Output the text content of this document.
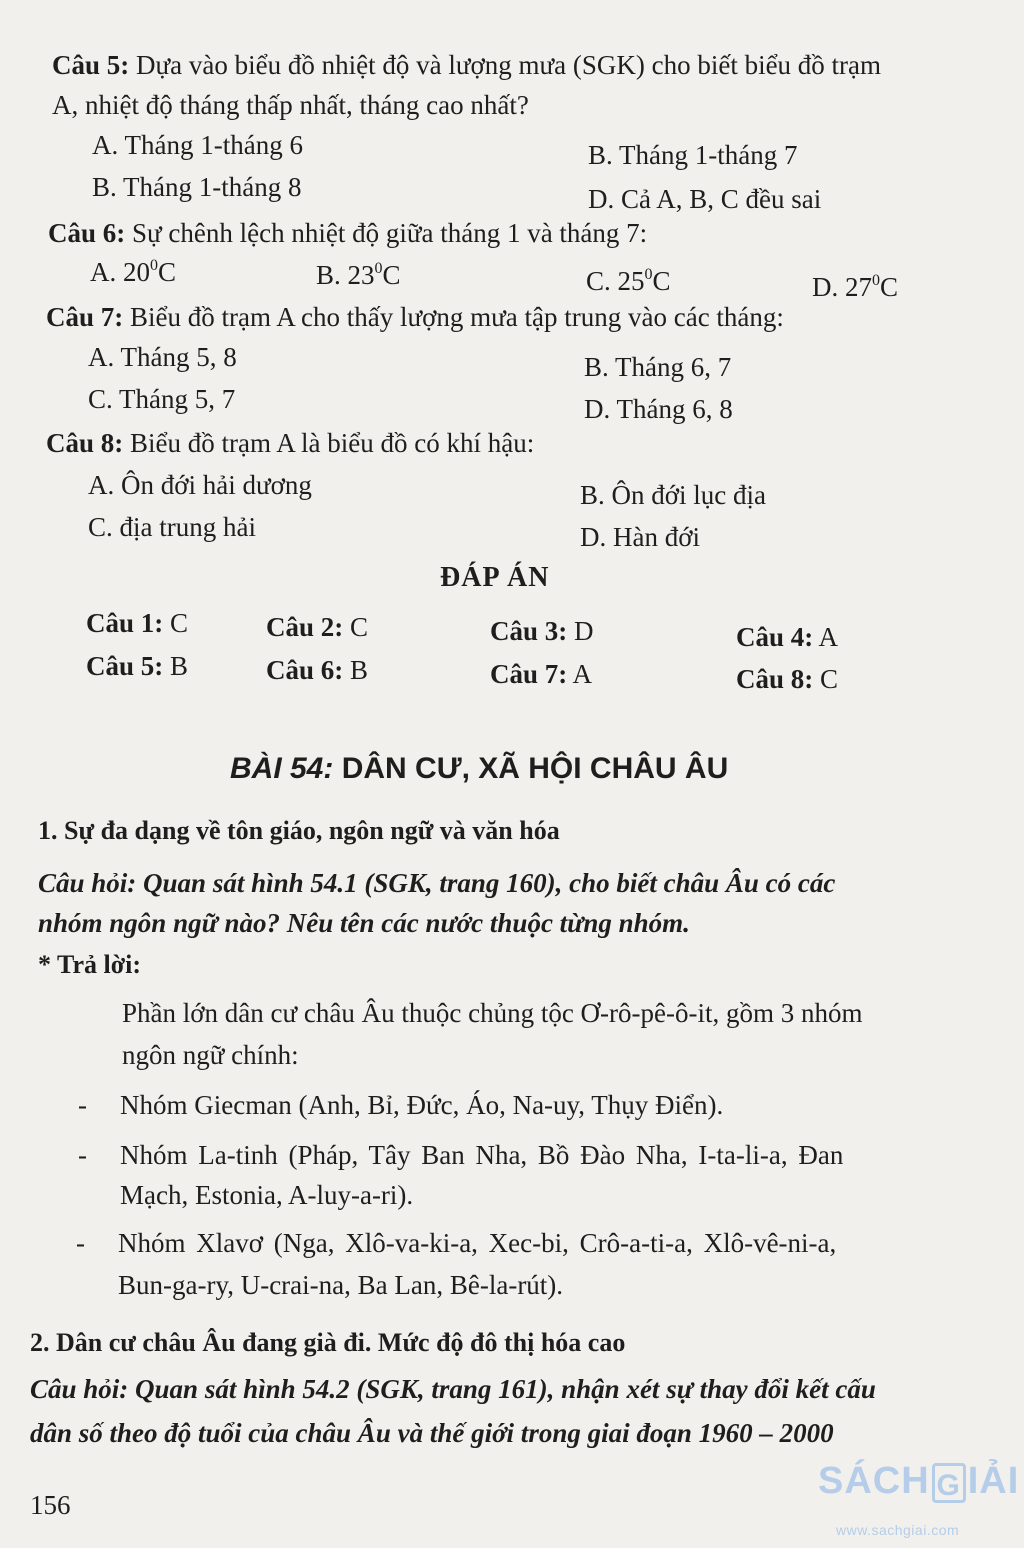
Câu 5: Dựa vào biểu đồ nhiệt độ và lượng mưa (SGK) cho biết biểu đồ trạm
A, nhiệt độ tháng thấp nhất, tháng cao nhất?
A. Tháng 1-tháng 6	B. Tháng 1-tháng 7
B. Tháng 1-tháng 8	D. Cả A, B, C đều sai
Câu 6: Sự chênh lệch nhiệt độ giữa tháng 1 và tháng 7:
A. $20^0C$	B. $23^0C$	C. $25^0C$	D. $27^0C$
Câu 7: Biểu đồ trạm A cho thấy lượng mưa tập trung vào các tháng:
A. Tháng 5, 8	B. Tháng 6, 7
C. Tháng 5, 7	D. Tháng 6, 8
Câu 8: Biểu đồ trạm A là biểu đồ có khí hậu:
A. Ôn đới hải dương	B. Ôn đới lục địa
C. địa trung hải	D. Hàn đới
ĐÁP ÁN
Câu 1: C	Câu 2: C	Câu 3: D	Câu 4: A
Câu 5: B	Câu 6: B	Câu 7: A	Câu 8: C
BÀI 54: DÂN CƯ, XÃ HỘI CHÂU ÂU
1. Sự đa dạng về tôn giáo, ngôn ngữ và văn hóa
Câu hỏi: Quan sát hình 54.1 (SGK, trang 160), cho biết châu Âu có các
nhóm ngôn ngữ nào? Nêu tên các nước thuộc từng nhóm.
* Trả lời:
Phần lớn dân cư châu Âu thuộc chủng tộc Ơ-rô-pê-ô-it, gồm 3 nhóm
ngôn ngữ chính:
- Nhóm Giecman (Anh, Bỉ, Đức, Áo, Na-uy, Thụy Điển).
- Nhóm La-tinh (Pháp, Tây Ban Nha, Bồ Đào Nha, I-ta-li-a, Đan
Mạch, Estonia, A-luy-a-ri).
- Nhóm Xlavơ (Nga, Xlô-va-ki-a, Xec-bi, Crô-a-ti-a, Xlô-vê-ni-a,
Bun-ga-ry, U-crai-na, Ba Lan, Bê-la-rút).
2. Dân cư châu Âu đang già đi. Mức độ đô thị hóa cao
Câu hỏi: Quan sát hình 54.2 (SGK, trang 161), nhận xét sự thay đổi kết cấu
dân số theo độ tuổi của châu Âu và thế giới trong giai đoạn 1960 – 2000
156
SÁCH G IẢI
www.sachgiai.com
